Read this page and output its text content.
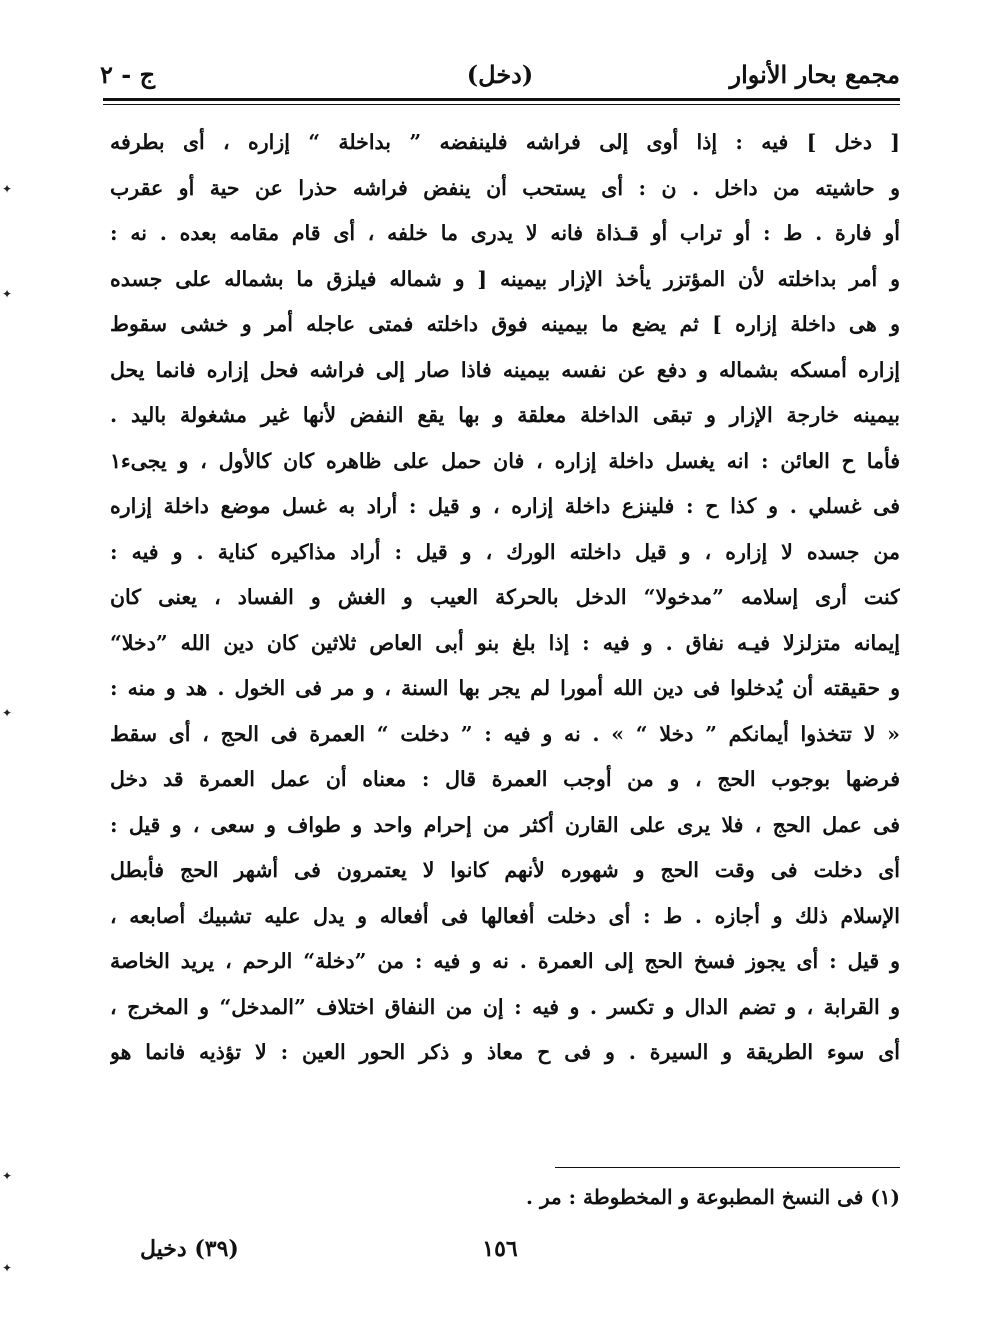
مجمع بحار الأنوار
(دخل)
ج - ٢
[ دخل ] فيه : إذا أوى إلى فراشه فلينفضه ” بداخلة “ إزاره ، أى بطرفه
و حاشيته من داخل . ن : أى يستحب أن ينفض فراشه حذرا عن حية أو عقرب
أو فارة . ط : أو تراب أو قـذاة فانه لا يدرى ما خلفه ، أى قام مقامه بعده . نه :
و أمر بداخلته لأن المؤتزر يأخذ الإزار بيمينه [ و شماله فيلزق ما بشماله على جسده
و هى داخلة إزاره ] ثم يضع ما بيمينه فوق داخلته فمتى عاجله أمر و خشى سقوط
إزاره أمسكه بشماله و دفع عن نفسه بيمينه فاذا صار إلى فراشه فحل إزاره فانما يحل
بيمينه خارجة الإزار و تبقى الداخلة معلقة و بها يقع النفض لأنها غير مشغولة باليد .
فأما ح العائن : انه يغسل داخلة إزاره ، فان حمل على ظاهره كان كالأول ، و يجىء١
فى غسلي . و كذا ح : فلينزع داخلة إزاره ، و قيل : أراد به غسل موضع داخلة إزاره
من جسده لا إزاره ، و قيل داخلته الورك ، و قيل : أراد مذاكيره كناية . و فيه :
كنت أرى إسلامه ”مدخولا“ الدخل بالحركة العيب و الغش و الفساد ، يعنى كان
إيمانه متزلزلا فيـه نفاق . و فيه : إذا بلغ بنو أبى العاص ثلاثين كان دين الله ”دخلا“
و حقيقته أن يُدخلوا فى دين الله أمورا لم يجر بها السنة ، و مر فى الخول . هد و منه :
« لا تتخذوا أيمانكم ” دخلا “ » . نه و فيه : ” دخلت “ العمرة فى الحج ، أى سقط
فرضها بوجوب الحج ، و من أوجب العمرة قال : معناه أن عمل العمرة قد دخل
فى عمل الحج ، فلا يرى على القارن أكثر من إحرام واحد و طواف و سعى ، و قيل :
أى دخلت فى وقت الحج و شهوره لأنهم كانوا لا يعتمرون فى أشهر الحج فأبطل
الإسلام ذلك و أجازه . ط : أى دخلت أفعالها فى أفعاله و يدل عليه تشبيك أصابعه ،
و قيل : أى يجوز فسخ الحج إلى العمرة . نه و فيه : من ”دخلة“ الرحم ، يريد الخاصة
و القرابة ، و تضم الدال و تكسر . و فيه : إن من النفاق اختلاف ”المدخل“ و المخرج ،
أى سوء الطريقة و السيرة . و فى ح معاذ و ذكر الحور العين : لا تؤذيه فانما هو
(١) فى النسخ المطبوعة و المخطوطة : مر .
١٥٦
(٣٩) دخيل
✦
✦
✦
✦
✦
